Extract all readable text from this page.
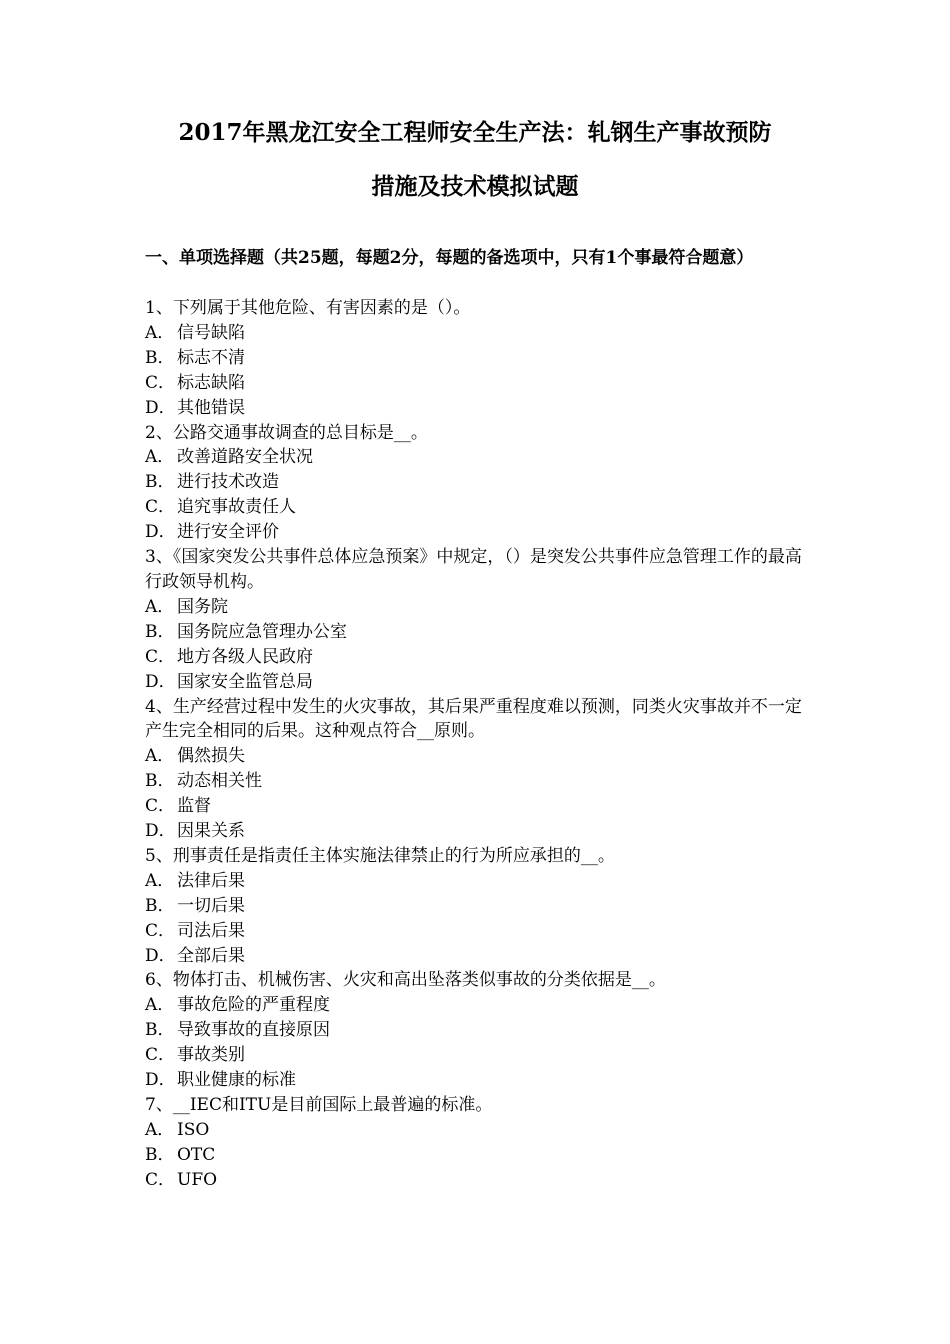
2017年黑龙江安全工程师安全生产法：轧钢生产事故预防
措施及技术模拟试题
一、单项选择题（共25题，每题2分，每题的备选项中，只有1个事最符合题意）

1、下列属于其他危险、有害因素的是（）。

A． 信号缺陷

B． 标志不清

C． 标志缺陷

D．其他错误

2、公路交通事故调查的总目标是__。

A． 改善道路安全状况

B． 进行技术改造

C． 追究事故责任人

D．进行安全评价

3、《国家突发公共事件总体应急预案》中规定，（）是突发公共事件应急管理工作的最高行政领导机构。

A． 国务院

B． 国务院应急管理办公室

C． 地方各级人民政府

D．国家安全监管总局

4、生产经营过程中发生的火灾事故，其后果严重程度难以预测，同类火灾事故并不一定产生完全相同的后果。这种观点符合__原则。

A． 偶然损失

B． 动态相关性

C． 监督

D．因果关系

5、刑事责任是指责任主体实施法律禁止的行为所应承担的__。

A． 法律后果

B． 一切后果

C． 司法后果

D．全部后果

6、物体打击、机械伤害、火灾和高出坠落类似事故的分类依据是__。

A． 事故危险的严重程度

B． 导致事故的直接原因

C． 事故类别

D．职业健康的标准

7、__IEC和ITU是目前国际上最普遍的标准。

A． ISO

B． OTC

C． UFO
